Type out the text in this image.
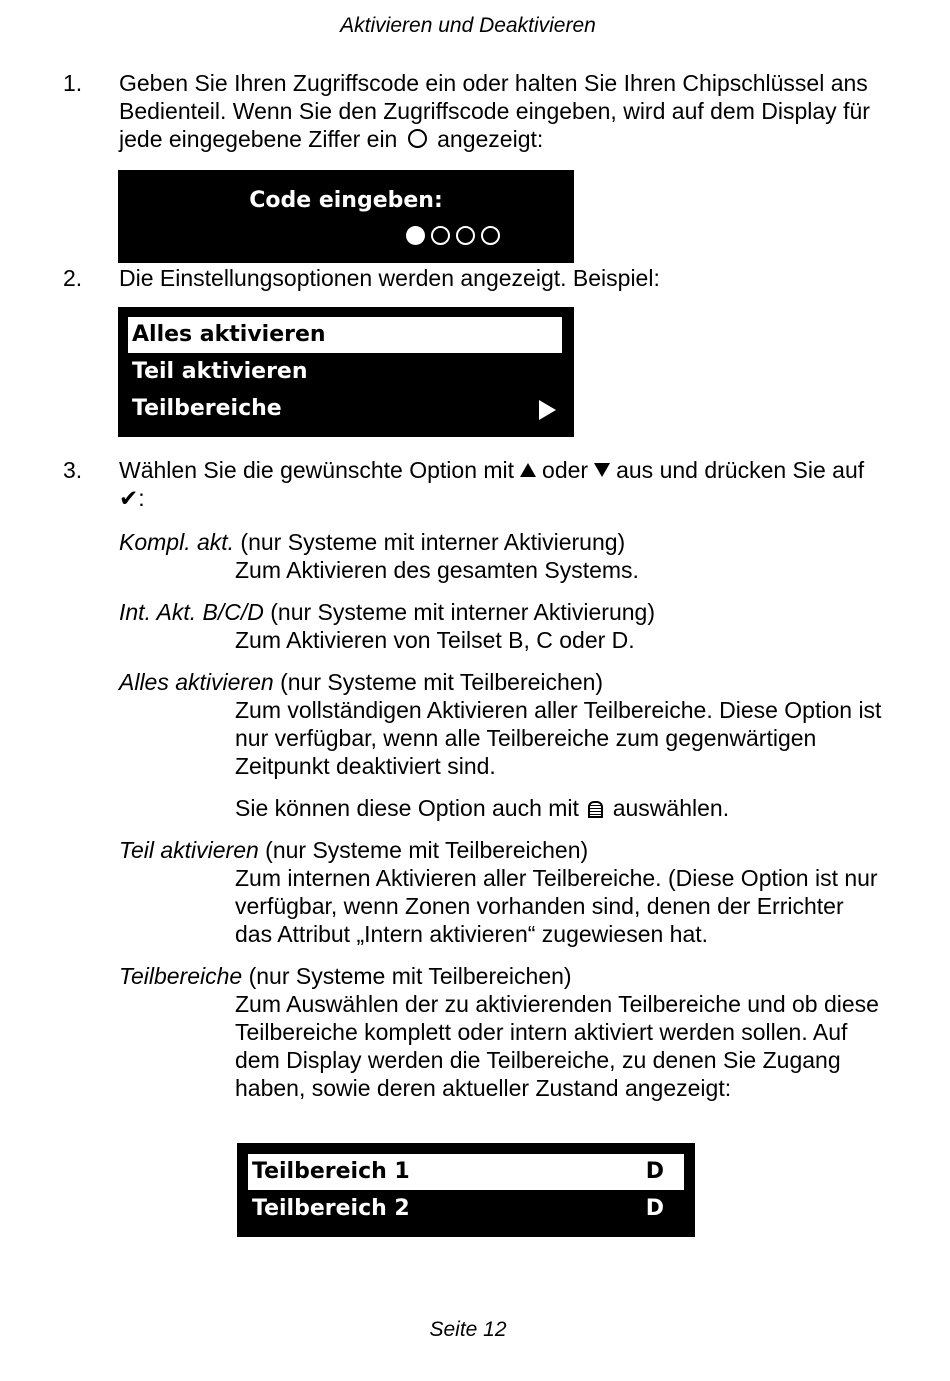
Aktivieren und Deaktivieren
1. Geben Sie Ihren Zugriffscode ein oder halten Sie Ihren Chipschlüssel ans Bedienteil. Wenn Sie den Zugriffscode eingeben, wird auf dem Display für jede eingegebene Ziffer ein angezeigt:
Code eingeben:
2. Die Einstellungsoptionen werden angezeigt. Beispiel:
Alles aktivieren
Teil aktivieren
Teilbereiche
3. Wählen Sie die gewünschte Option mit oder aus und drücken Sie auf ✔:
Kompl. akt. (nur Systeme mit interner Aktivierung)
Zum Aktivieren des gesamten Systems.
Int. Akt. B/C/D (nur Systeme mit interner Aktivierung)
Zum Aktivieren von Teilset B, C oder D.
Alles aktivieren (nur Systeme mit Teilbereichen)
Zum vollständigen Aktivieren aller Teilbereiche. Diese Option ist nur verfügbar, wenn alle Teilbereiche zum gegenwärtigen Zeitpunkt deaktiviert sind.
Sie können diese Option auch mit auswählen.
Teil aktivieren (nur Systeme mit Teilbereichen)
Zum internen Aktivieren aller Teilbereiche. (Diese Option ist nur verfügbar, wenn Zonen vorhanden sind, denen der Errichter das Attribut „Intern aktivieren“ zugewiesen hat.
Teilbereiche (nur Systeme mit Teilbereichen)
Zum Auswählen der zu aktivierenden Teilbereiche und ob diese Teilbereiche komplett oder intern aktiviert werden sollen. Auf dem Display werden die Teilbereiche, zu denen Sie Zugang haben, sowie deren aktueller Zustand angezeigt:
Teilbereich 1	D
Teilbereich 2	D
Seite 12
